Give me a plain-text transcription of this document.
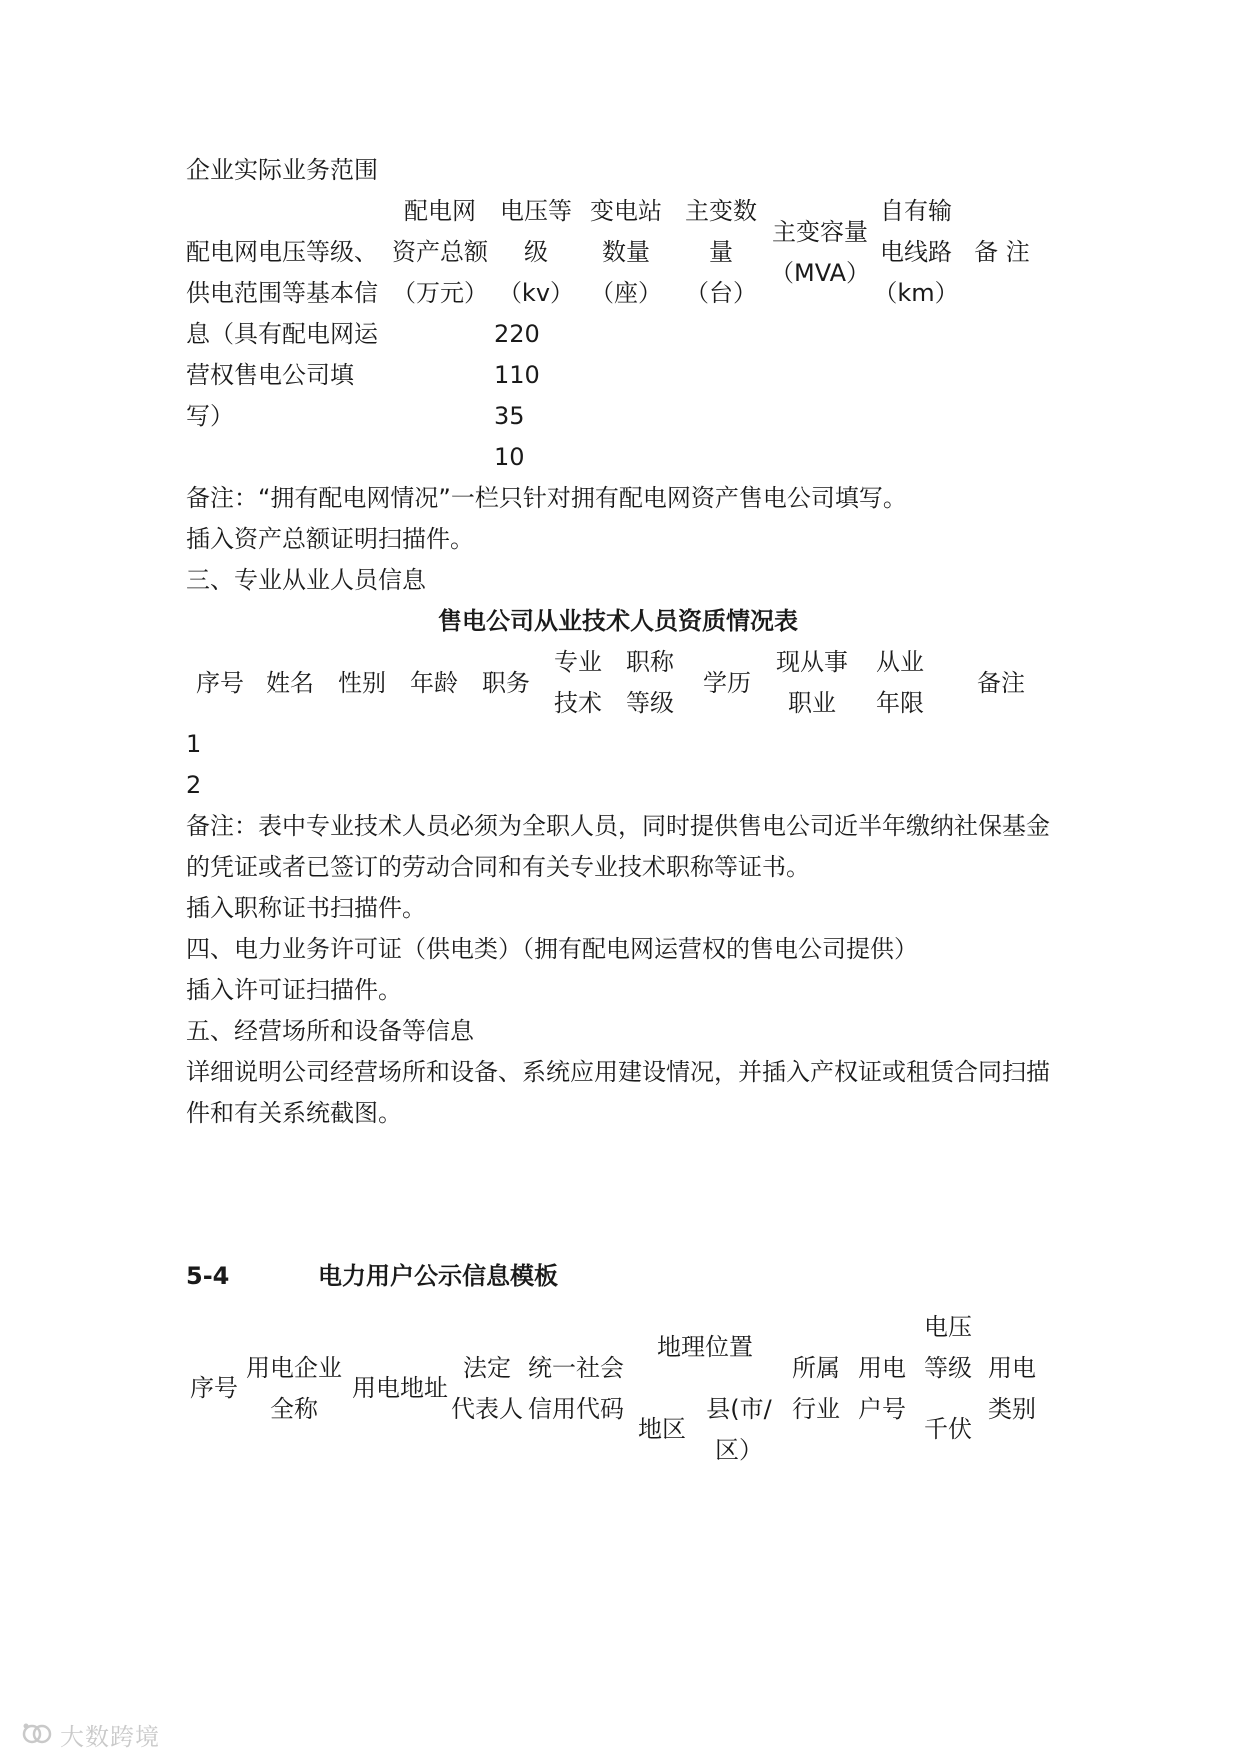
企业实际业务范围
配电网电压等级、
供电范围等基本信
息（具有配电网运
营权售电公司填
写）
配电网
资产总额
（万元）
电压等
级
（kv）
变电站
数量
（座）
主变数
量
（台）
主变容量
（MVA）
自有输
电线路
（km）
备 注
220
110
35
10
备注：“拥有配电网情况”一栏只针对拥有配电网资产售电公司填写。
插入资产总额证明扫描件。
三、专业从业人员信息
售电公司从业技术人员资质情况表
序号 姓名 性别 年龄 职务
专业
技术
职称
等级
学历
现从事
职业
从业
年限
备注
1
2
备注：表中专业技术人员必须为全职人员，同时提供售电公司近半年缴纳社保基金
的凭证或者已签订的劳动合同和有关专业技术职称等证书。
插入职称证书扫描件。
四、电力业务许可证（供电类）（拥有配电网运营权的售电公司提供）
插入许可证扫描件。
五、经营场所和设备等信息
详细说明公司经营场所和设备、系统应用建设情况，并插入产权证或租赁合同扫描
件和有关系统截图。
5-4	电力用户公示信息模板
序号
用电企业
全称
用电地址
法定
代表人
统一社会
信用代码
地理位置
地区
县(市/
区）
所属
行业
用电
户号
电压
等级
千伏
用电
类别
大数跨境
